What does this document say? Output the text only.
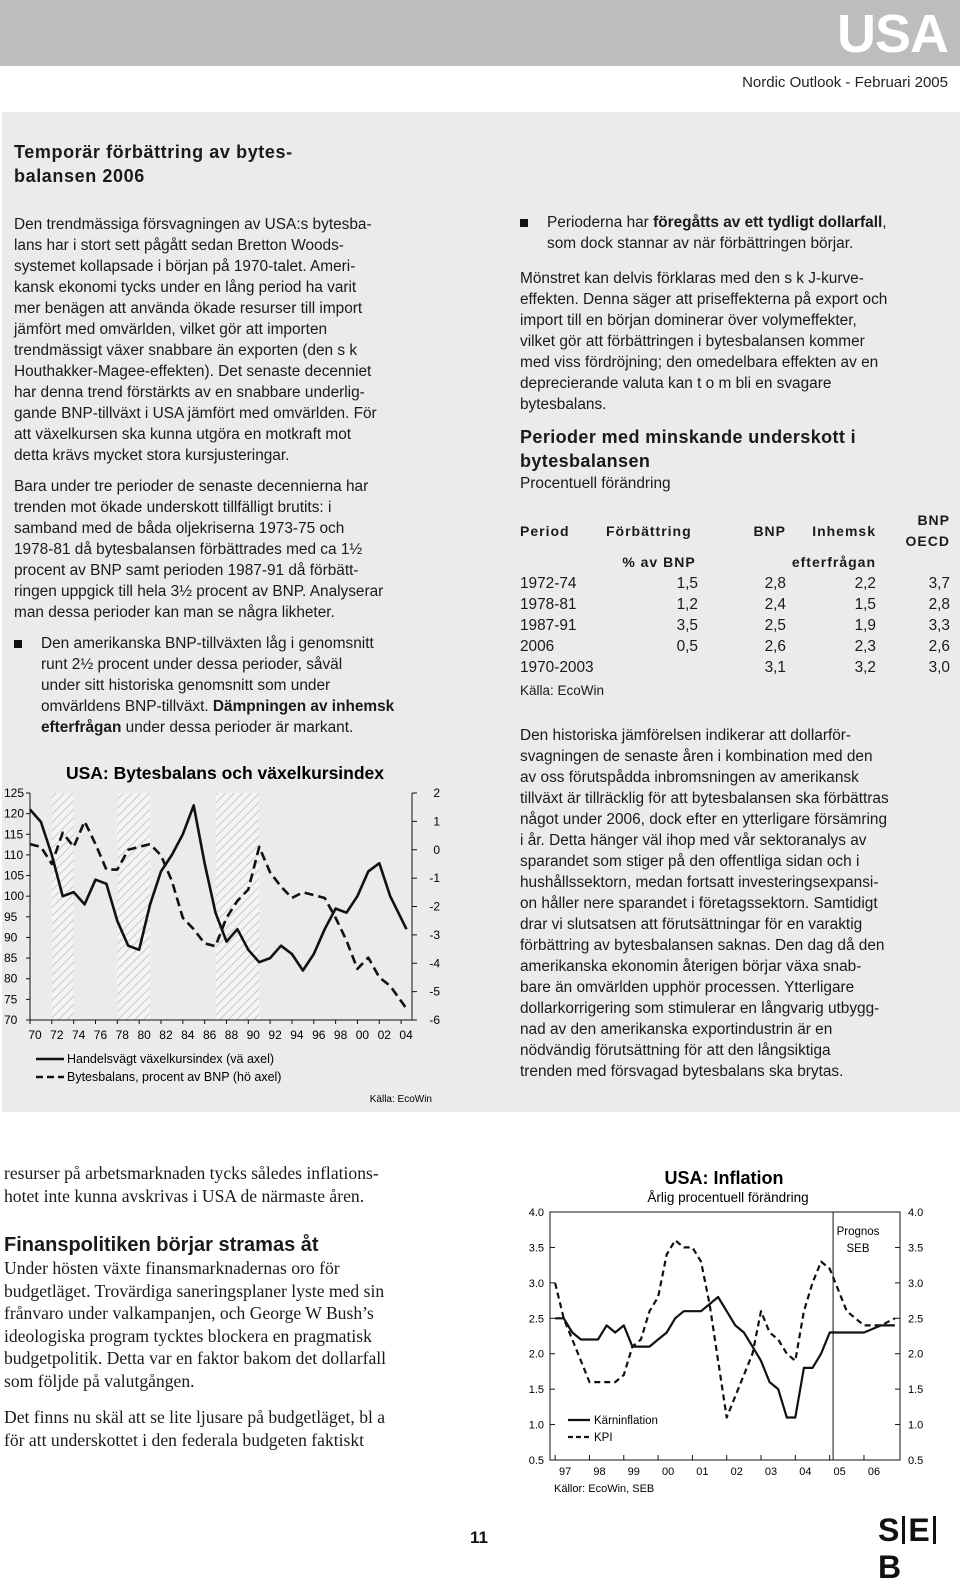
USA
Nordic Outlook - Februari 2005
Temporär förbättring av bytes-
balansen 2006

Den trendmässiga försvagningen av USA:s bytesba-
lans har i stort sett pågått sedan Bretton Woods-
systemet kollapsade i början på 1970-talet. Ameri-
kansk ekonomi tycks under en lång period ha varit
mer benägen att använda ökade resurser till import
jämfört med omvärlden, vilket gör att importen
trendmässigt växer snabbare än exporten (den s k
Houthakker-Magee-effekten). Det senaste decenniet
har denna trend förstärkts av en snabbare underlig-
gande BNP-tillväxt i USA jämfört med omvärlden. För
att växelkursen ska kunna utgöra en motkraft mot
detta krävs mycket stora kursjusteringar.

Bara under tre perioder de senaste decennierna har
trenden mot ökade underskott tillfälligt brutits: i
samband med de båda oljekriserna 1973-75 och
1978-81 då bytesbalansen förbättrades med ca 1½
procent av BNP samt perioden 1987-91 då förbätt-
ringen uppgick till hela 3½ procent av BNP. Analyserar
man dessa perioder kan man se några likheter.

Den amerikanska BNP-tillväxten låg i genomsnitt
runt 2½ procent under dessa perioder, såväl
under sitt historiska genomsnitt som under
omvärldens BNP-tillväxt. Dämpningen av inhemsk
efterfrågan under dessa perioder är markant.
Perioderna har föregåtts av ett tydligt dollarfall,
som dock stannar av när förbättringen börjar.

Mönstret kan delvis förklaras med den s k J-kurve-
effekten. Denna säger att priseffekterna på export och
import till en början dominerar över volymeffekter,
vilket gör att förbättringen i bytesbalansen kommer
med viss fördröjning; den omedelbara effekten av en
deprecierande valuta kan t o m bli en svagare
bytesbalans.

Perioder med minskande underskott i
bytesbalansen
Procentuell förändring
Period	Förbättring	BNP	Inhemsk	BNP OECD
	% av BNP		efterfrågan	
1972-74	1,5	2,8	2,2	3,7
1978-81	1,2	2,4	1,5	2,8
1987-91	3,5	2,5	1,9	3,3
2006	0,5	2,6	2,3	2,6
1970-2003		3,1	3,2	3,0
Källa: EcoWin

Den historiska jämförelsen indikerar att dollarför-
svagningen de senaste åren i kombination med den
av oss förutspådda inbromsningen av amerikansk
tillväxt är tillräcklig för att bytesbalansen ska förbättras
något under 2006, dock efter en ytterligare försämring
i år. Detta hänger väl ihop med vår sektoranalys av
sparandet som stiger på den offentliga sidan och i
hushållssektorn, medan fortsatt investeringsexpansi-
on håller nere sparandet i företagssektorn. Samtidigt
drar vi slutsatsen att förutsättningar för en varaktig
förbättring av bytesbalansen saknas. Den dag då den
amerikanska ekonomin återigen börjar växa snab-
bare än omvärlden upphör processen. Ytterligare
dollarkorrigering som stimulerar en långvarig utbygg-
nad av den amerikanska exportindustrin är en
nödvändig förutsättning för att den långsiktiga
trenden med försvagad bytesbalans ska brytas.

USA: Bytesbalans och växelkursindex
125
120
115
110
105
100
95
90
85
80
75
70
2
1
0
-1
-2
-3
-4
-5
-6
70 72 74 76 78 80 82 84 86 88 90 92 94 96 98 00 02 04
Handelsvägt växelkursindex (vä axel)
Bytesbalans, procent av BNP (hö axel)
Källa: EcoWin

resurser på arbetsmarknaden tycks således inflations-
hotet inte kunna avskrivas i USA de närmaste åren.

Finanspolitiken börjar stramas åt

Under hösten växte finansmarknadernas oro för
budgetläget. Trovärdiga saneringsplaner lyste med sin
frånvaro under valkampanjen, och George W Bush’s
ideologiska program tycktes blockera en pragmatisk
budgetpolitik. Detta var en faktor bakom det dollarfall
som följde på valutgången.

Det finns nu skäl att se lite ljusare på budgetläget, bl a
för att underskottet i den federala budgeten faktiskt

USA: Inflation
Årlig procentuell förändring
4.0	4.0
3.5	3.5
3.0	3.0
2.5	2.5
2.0	2.0
1.5	1.5
1.0	1.0
0.5	0.5
97 98 99 00 01 02 03 04 05 06
Prognos
SEB
Kärninflation
KPI
Källor: EcoWin, SEB
11	S EB
